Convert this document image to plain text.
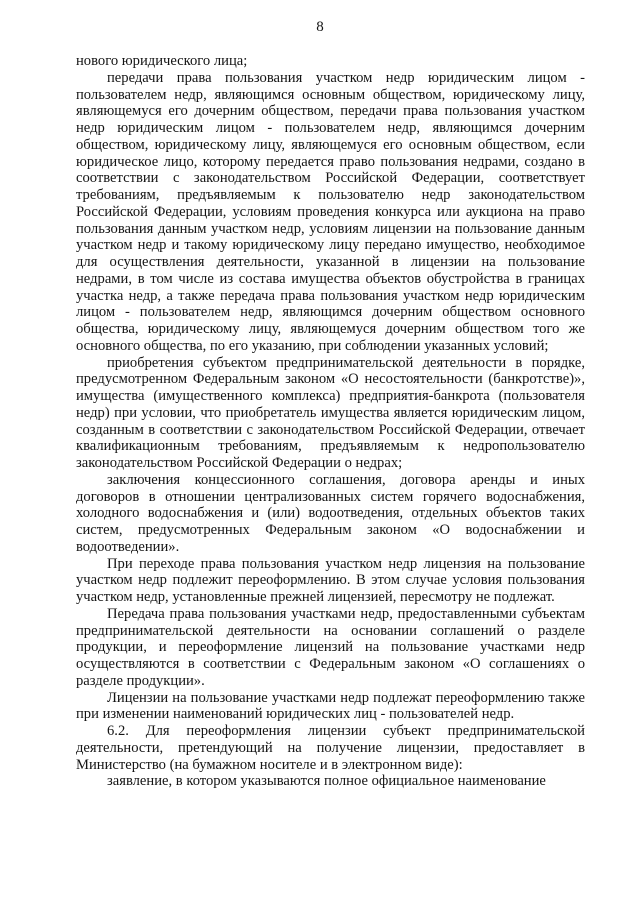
8

нового юридического лица;

передачи права пользования участком недр юридическим лицом - пользователем недр, являющимся основным обществом, юридическому лицу, являющемуся его дочерним обществом, передачи права пользования участком недр юридическим лицом - пользователем недр, являющимся дочерним обществом, юридическому лицу, являющемуся его основным обществом, если юридическое лицо, которому передается право пользования недрами, создано в соответствии с законодательством Российской Федерации, соответствует требованиям, предъявляемым к пользователю недр законодательством Российской Федерации, условиям проведения конкурса или аукциона на право пользования данным участком недр, условиям лицензии на пользование данным участком недр и такому юридическому лицу передано имущество, необходимое для осуществления деятельности, указанной в лицензии на пользование недрами, в том числе из состава имущества объектов обустройства в границах участка недр, а также передача права пользования участком недр юридическим лицом - пользователем недр, являющимся дочерним обществом основного общества, юридическому лицу, являющемуся дочерним обществом того же основного общества, по его указанию, при соблюдении указанных условий;

приобретения субъектом предпринимательской деятельности в порядке, предусмотренном Федеральным законом «О несостоятельности (банкротстве)», имущества (имущественного комплекса) предприятия-банкрота (пользователя недр) при условии, что приобретатель имущества является юридическим лицом, созданным в соответствии с законодательством Российской Федерации, отвечает квалификационным требованиям, предъявляемым к недропользователю законодательством Российской Федерации о недрах;

заключения концессионного соглашения, договора аренды и иных договоров в отношении централизованных систем горячего водоснабжения, холодного водоснабжения и (или) водоотведения, отдельных объектов таких систем, предусмотренных Федеральным законом «О водоснабжении и водоотведении».

При переходе права пользования участком недр лицензия на пользование участком недр подлежит переоформлению. В этом случае условия пользования участком недр, установленные прежней лицензией, пересмотру не подлежат.

Передача права пользования участками недр, предоставленными субъектам предпринимательской деятельности на основании соглашений о разделе продукции, и переоформление лицензий на пользование участками недр осуществляются в соответствии с Федеральным законом «О соглашениях о разделе продукции».

Лицензии на пользование участками недр подлежат переоформлению также при изменении наименований юридических лиц - пользователей недр.

6.2. Для переоформления лицензии субъект предпринимательской деятельности, претендующий на получение лицензии, предоставляет в Министерство (на бумажном носителе и в электронном виде):

заявление, в котором указываются полное официальное наименование
